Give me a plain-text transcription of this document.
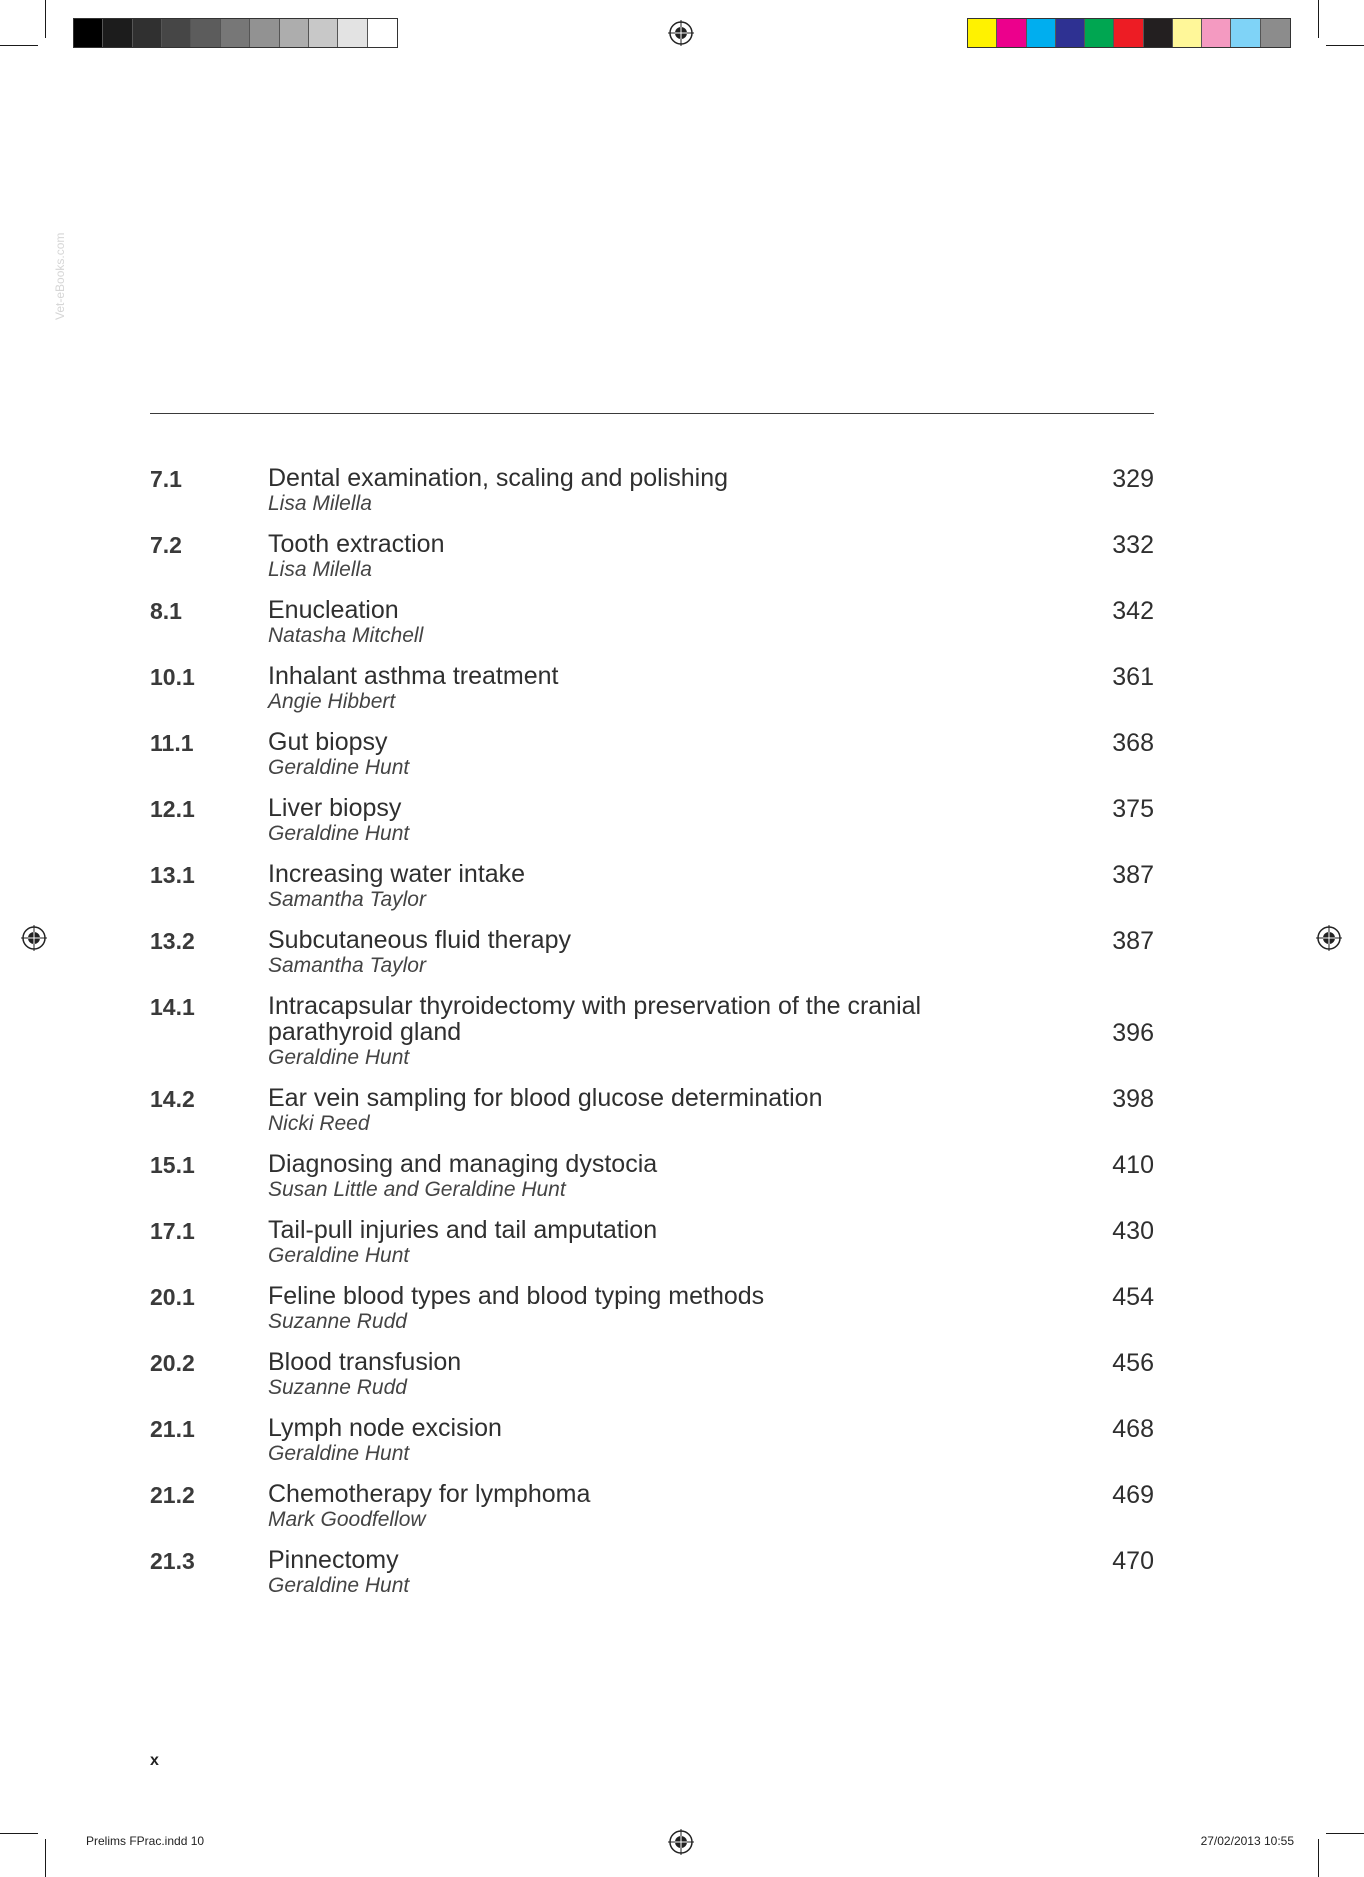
Vet-eBooks.com
7.1	Dental examination, scaling and polishing
Lisa Milella
329
7.2	Tooth extraction
Lisa Milella
332
8.1	Enucleation
Natasha Mitchell
342
10.1	Inhalant asthma treatment
Angie Hibbert
361
11.1	Gut biopsy
Geraldine Hunt
368
12.1	Liver biopsy
Geraldine Hunt
375
13.1	Increasing water intake
Samantha Taylor
387
13.2	Subcutaneous fluid therapy
Samantha Taylor
387
14.1	Intracapsular thyroidectomy with preservation of the cranial parathyroid gland
Geraldine Hunt
396
14.2	Ear vein sampling for blood glucose determination
Nicki Reed
398
15.1	Diagnosing and managing dystocia
Susan Little and Geraldine Hunt
410
17.1	Tail-pull injuries and tail amputation
Geraldine Hunt
430
20.1	Feline blood types and blood typing methods
Suzanne Rudd
454
20.2	Blood transfusion
Suzanne Rudd
456
21.1	Lymph node excision
Geraldine Hunt
468
21.2	Chemotherapy for lymphoma
Mark Goodfellow
469
21.3	Pinnectomy
Geraldine Hunt
470
x
Prelims FPrac.indd 10	27/02/2013 10:55
